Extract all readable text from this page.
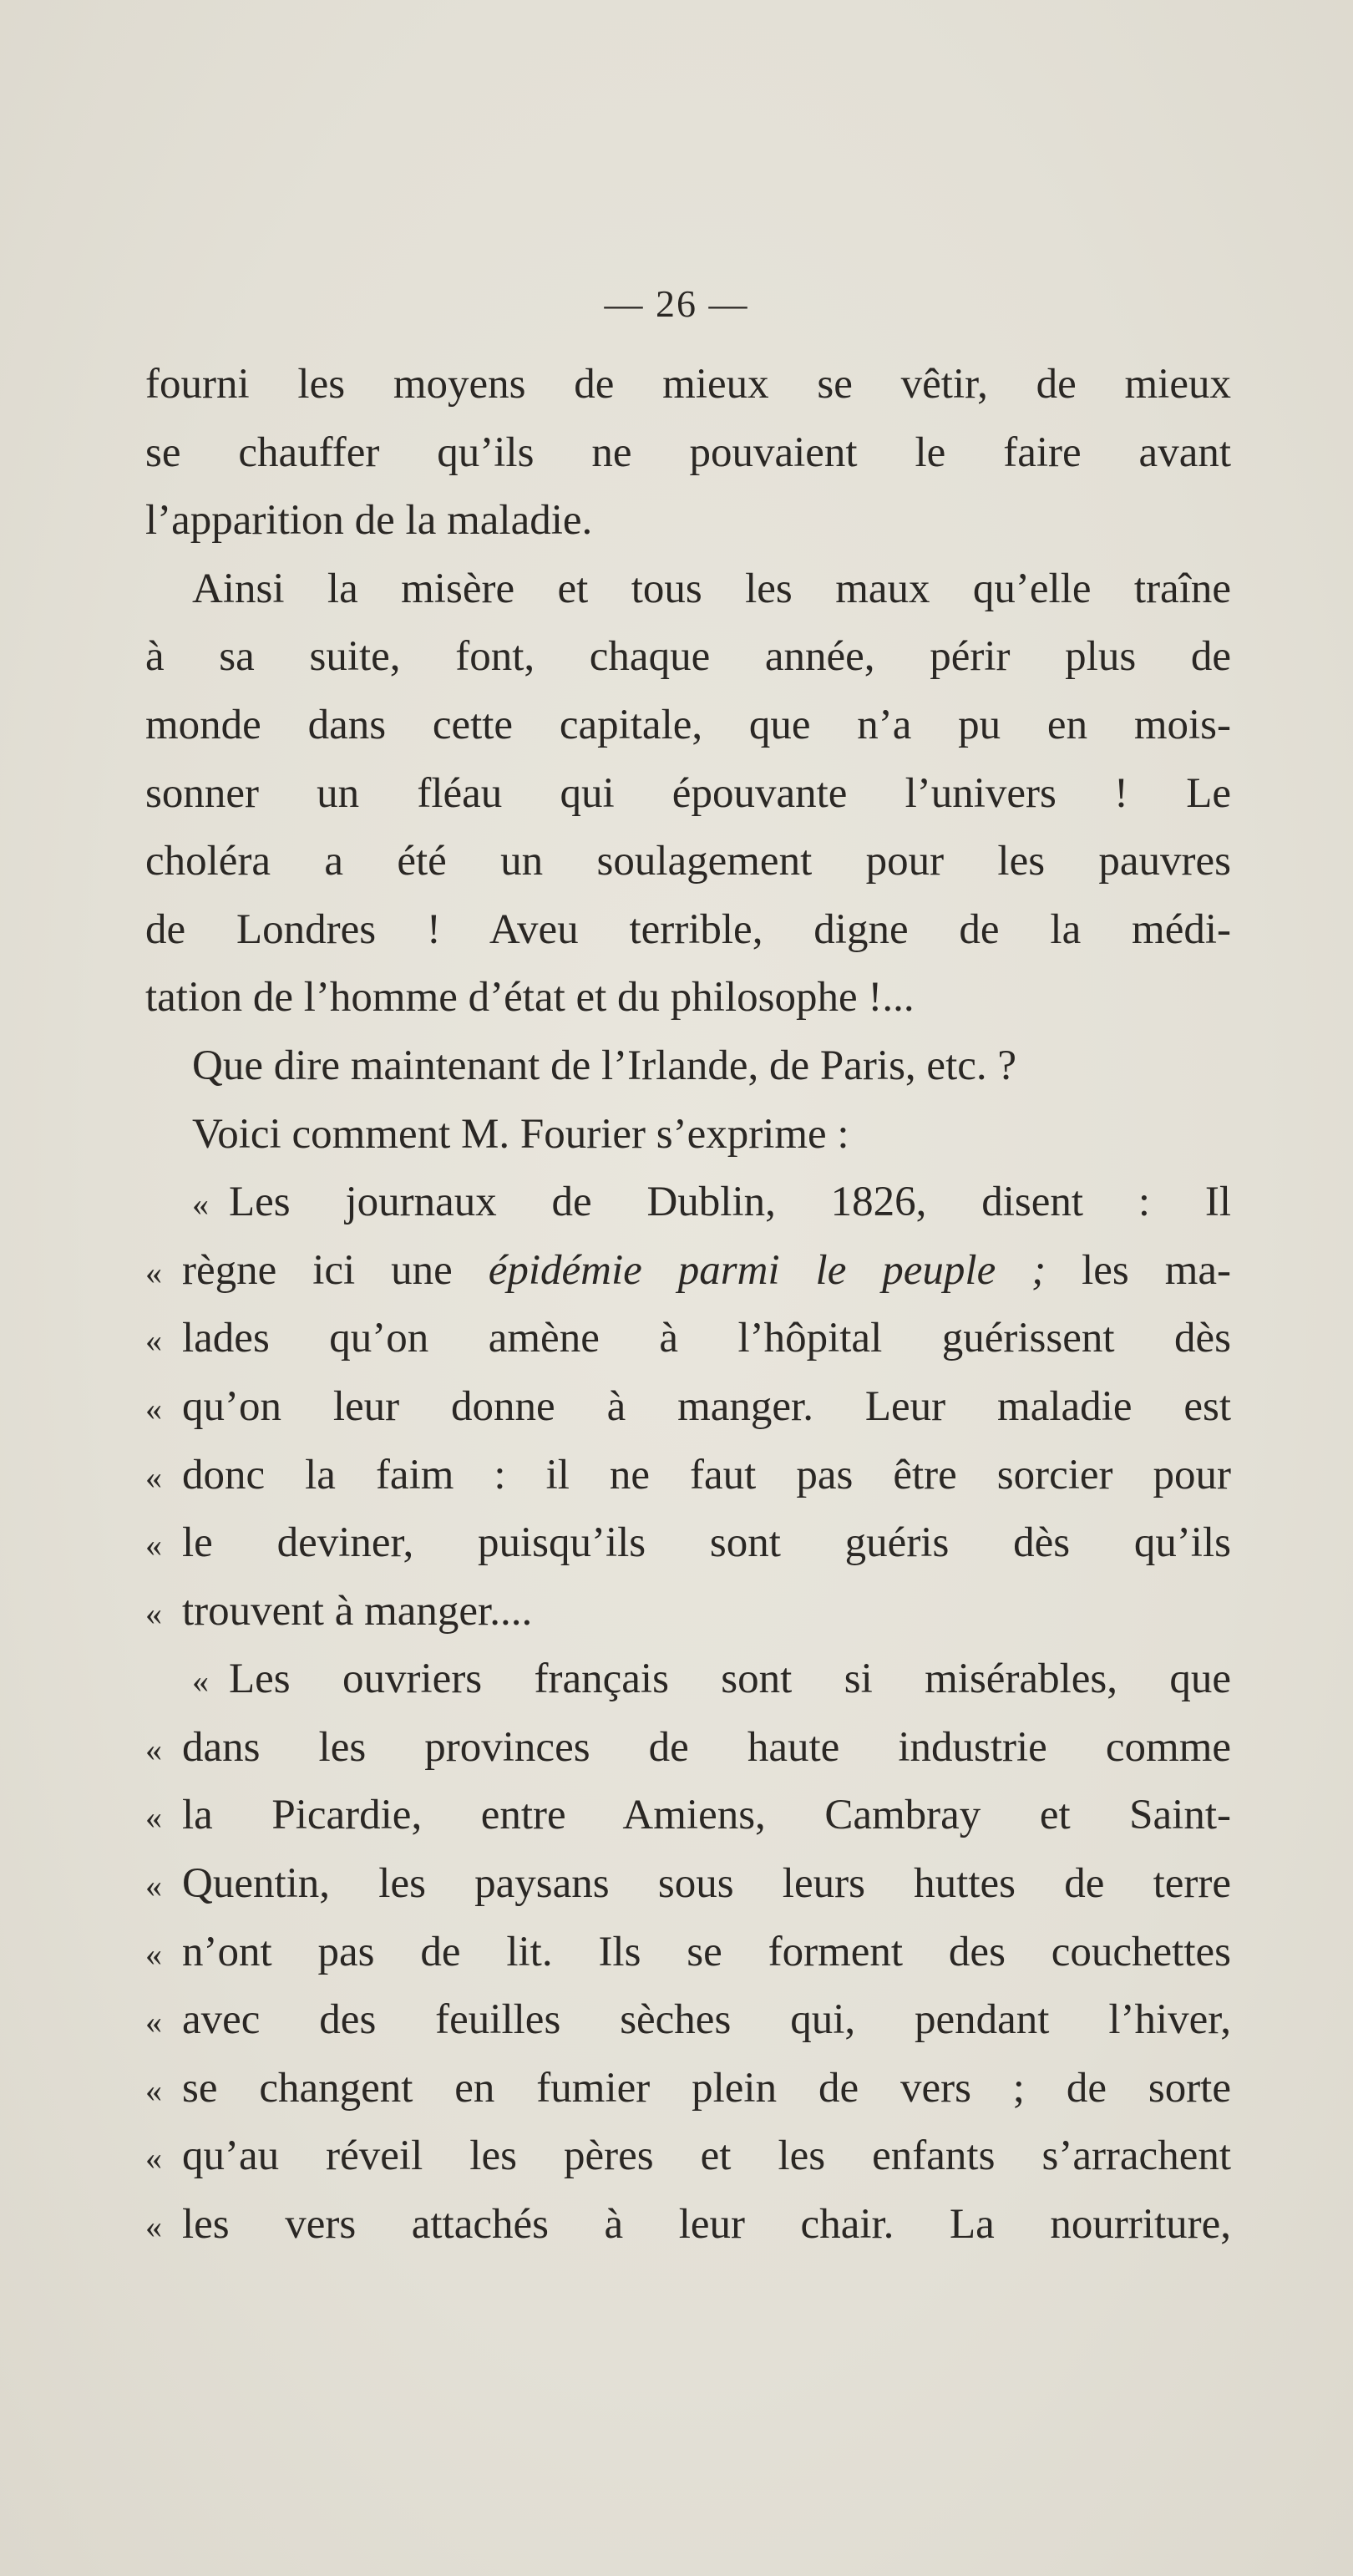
— 26 —
fourni les moyens de mieux se vêtir, de mieux
se chauffer qu’ils ne pouvaient le faire avant
l’apparition de la maladie.
Ainsi la misère et tous les maux qu’elle traîne
à sa suite, font, chaque année, périr plus de
monde dans cette capitale, que n’a pu en mois-
sonner un fléau qui épouvante l’univers ! Le
choléra a été un soulagement pour les pauvres
de Londres ! Aveu terrible, digne de la médi-
tation de l’homme d’état et du philosophe !...
Que dire maintenant de l’Irlande, de Paris, etc. ?
Voici comment M. Fourier s’exprime :
« Les journaux de Dublin, 1826, disent : Il
« règne ici une épidémie parmi le peuple ; les ma-
« lades qu’on amène à l’hôpital guérissent dès
« qu’on leur donne à manger. Leur maladie est
« donc la faim : il ne faut pas être sorcier pour
« le deviner, puisqu’ils sont guéris dès qu’ils
« trouvent à manger....
« Les ouvriers français sont si misérables, que
« dans les provinces de haute industrie comme
« la Picardie, entre Amiens, Cambray et Saint-
« Quentin, les paysans sous leurs huttes de terre
« n’ont pas de lit. Ils se forment des couchettes
« avec des feuilles sèches qui, pendant l’hiver,
« se changent en fumier plein de vers ; de sorte
« qu’au réveil les pères et les enfants s’arrachent
« les vers attachés à leur chair. La nourriture,
